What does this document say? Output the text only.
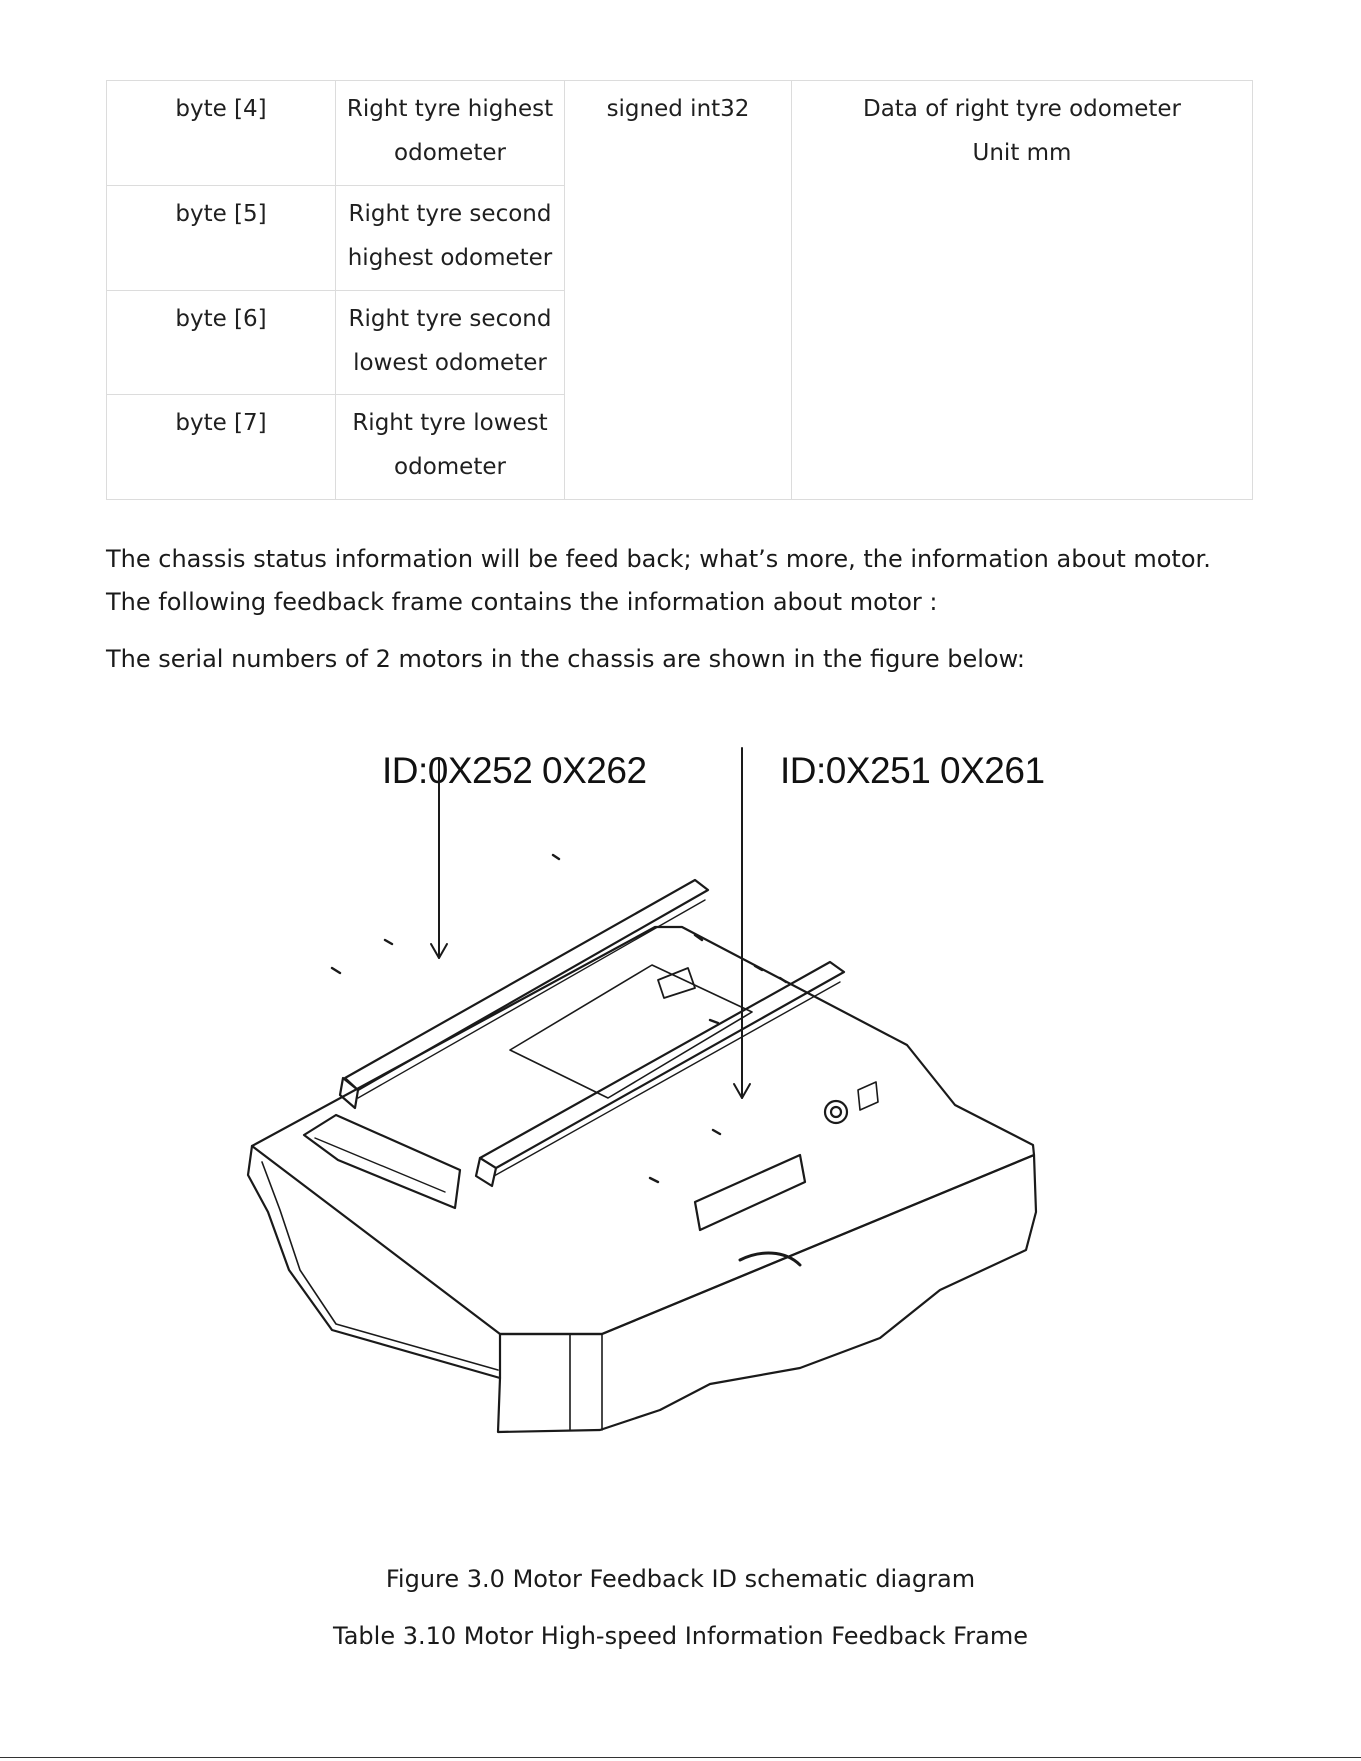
byte [4]	Right tyre highest
odometer	signed int32	Data of right tyre odometer
Unit mm
byte [5]	Right tyre second
highest odometer		
byte [6]	Right tyre second
lowest odometer		
byte [7]	Right tyre lowest
odometer		

The chassis status information will be feed back; what’s more, the information about motor. The following feedback frame contains the information about motor :

The serial numbers of 2 motors in the chassis are shown in the figure below:

ID:0X252 0X262	ID:0X251 0X261

Figure 3.0 Motor Feedback ID schematic diagram

Table 3.10 Motor High-speed Information Feedback Frame
